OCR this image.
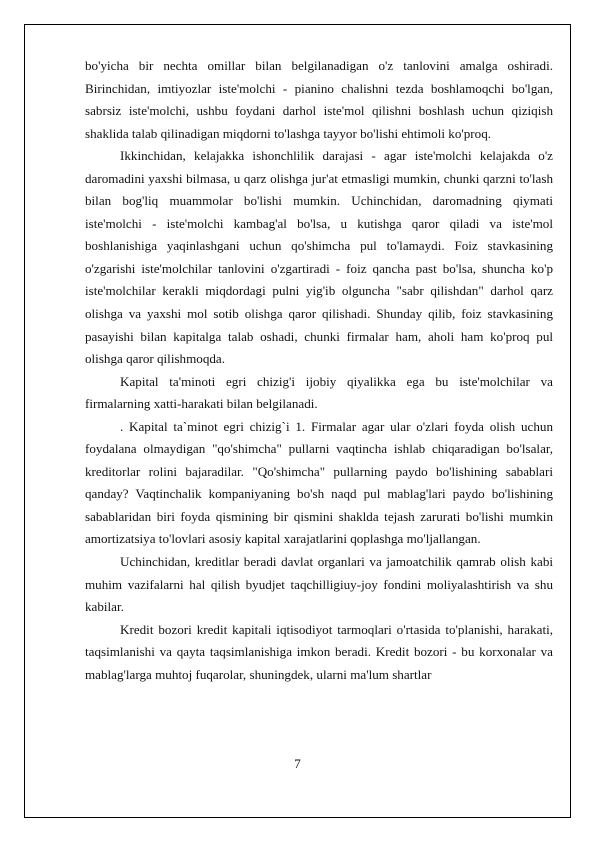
bo'yicha bir nechta omillar bilan belgilanadigan o'z tanlovini amalga oshiradi. Birinchidan, imtiyozlar iste'molchi - pianino chalishni tezda boshlamoqchi bo'lgan, sabrsiz iste'molchi, ushbu foydani darhol iste'mol qilishni boshlash uchun qiziqish shaklida talab qilinadigan miqdorni to'lashga tayyor bo'lishi ehtimoli ko'proq.

Ikkinchidan, kelajakka ishonchlilik darajasi - agar iste'molchi kelajakda o'z daromadini yaxshi bilmasa, u qarz olishga jur'at etmasligi mumkin, chunki qarzni to'lash bilan bog'liq muammolar bo'lishi mumkin. Uchinchidan, daromadning qiymati iste'molchi - iste'molchi kambag'al bo'lsa, u kutishga qaror qiladi va iste'mol boshlanishiga yaqinlashgani uchun qo'shimcha pul to'lamaydi. Foiz stavkasining o'zgarishi iste'molchilar tanlovini o'zgartiradi - foiz qancha past bo'lsa, shuncha ko'p iste'molchilar kerakli miqdordagi pulni yig'ib olguncha "sabr qilishdan" darhol qarz olishga va yaxshi mol sotib olishga qaror qilishadi. Shunday qilib, foiz stavkasining pasayishi bilan kapitalga talab oshadi, chunki firmalar ham, aholi ham ko'proq pul olishga qaror qilishmoqda.

Kapital ta'minoti egri chizig'i ijobiy qiyalikka ega bu iste'molchilar va firmalarning xatti-harakati bilan belgilanadi.

. Kapital ta`minot egri chizig`i 1. Firmalar agar ular o'zlari foyda olish uchun foydalana olmaydigan "qo'shimcha" pullarni vaqtincha ishlab chiqaradigan bo'lsalar, kreditorlar rolini bajaradilar. "Qo'shimcha" pullarning paydo bo'lishining sabablari qanday? Vaqtinchalik kompaniyaning bo'sh naqd pul mablag'lari paydo bo'lishining sabablaridan biri foyda qismining bir qismini shaklda tejash zarurati bo'lishi mumkin amortizatsiya to'lovlari asosiy kapital xarajatlarini qoplashga mo'ljallangan.

Uchinchidan, kreditlar beradi davlat organlari va jamoatchilik qamrab olish kabi muhim vazifalarni hal qilish byudjet taqchilligiuy-joy fondini moliyalashtirish va shu kabilar.

Kredit bozori kredit kapitali iqtisodiyot tarmoqlari o'rtasida to'planishi, harakati, taqsimlanishi va qayta taqsimlanishiga imkon beradi. Kredit bozori - bu korxonalar va mablag'larga muhtoj fuqarolar, shuningdek, ularni ma'lum shartlar

7
